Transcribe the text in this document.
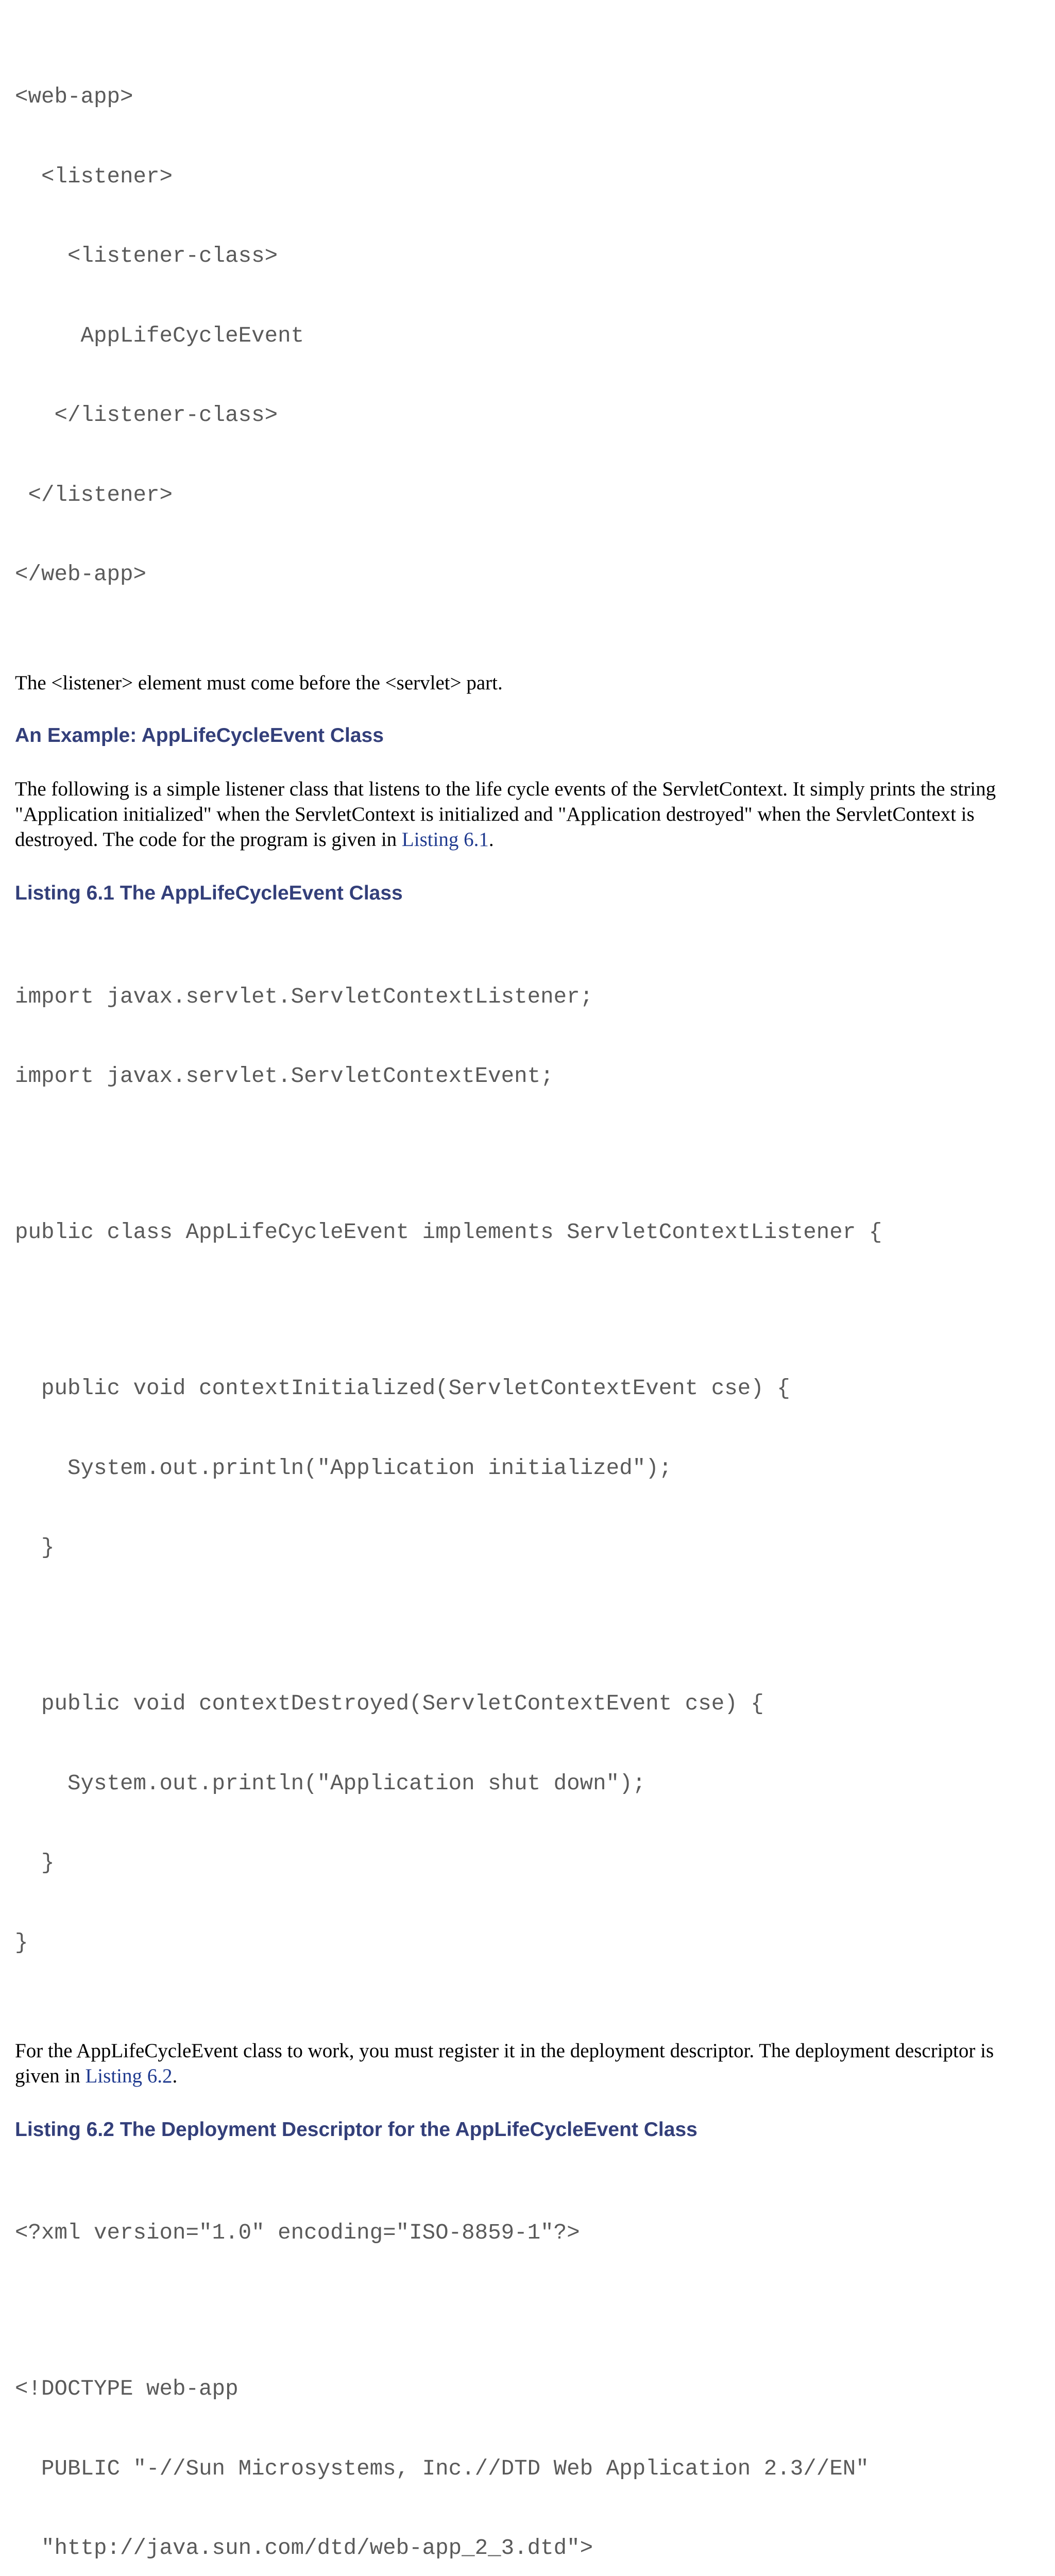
<web-app>

<listener>

<listener-class>

AppLifeCycleEvent

</listener-class>

</listener>

</web-app>

The <listener> element must come before the <servlet> part.

An Example: AppLifeCycleEvent Class

The following is a simple listener class that listens to the life cycle events of the ServletContext. It simply prints the string "Application initialized" when the ServletContext is initialized and "Application destroyed" when the ServletContext is destroyed. The code for the program is given in Listing 6.1.

Listing 6.1 The AppLifeCycleEvent Class

import javax.servlet.ServletContextListener;

import javax.servlet.ServletContextEvent;

public class AppLifeCycleEvent implements ServletContextListener {

public void contextInitialized(ServletContextEvent cse) {

System.out.println("Application initialized");

}

public void contextDestroyed(ServletContextEvent cse) {

System.out.println("Application shut down");

}

}

For the AppLifeCycleEvent class to work, you must register it in the deployment descriptor. The deployment descriptor is given in Listing 6.2.

Listing 6.2 The Deployment Descriptor for the AppLifeCycleEvent Class

<?xml version="1.0" encoding="ISO-8859-1"?>

<!DOCTYPE web-app

PUBLIC "-//Sun Microsystems, Inc.//DTD Web Application 2.3//EN"

"http://java.sun.com/dtd/web-app_2_3.dtd">
